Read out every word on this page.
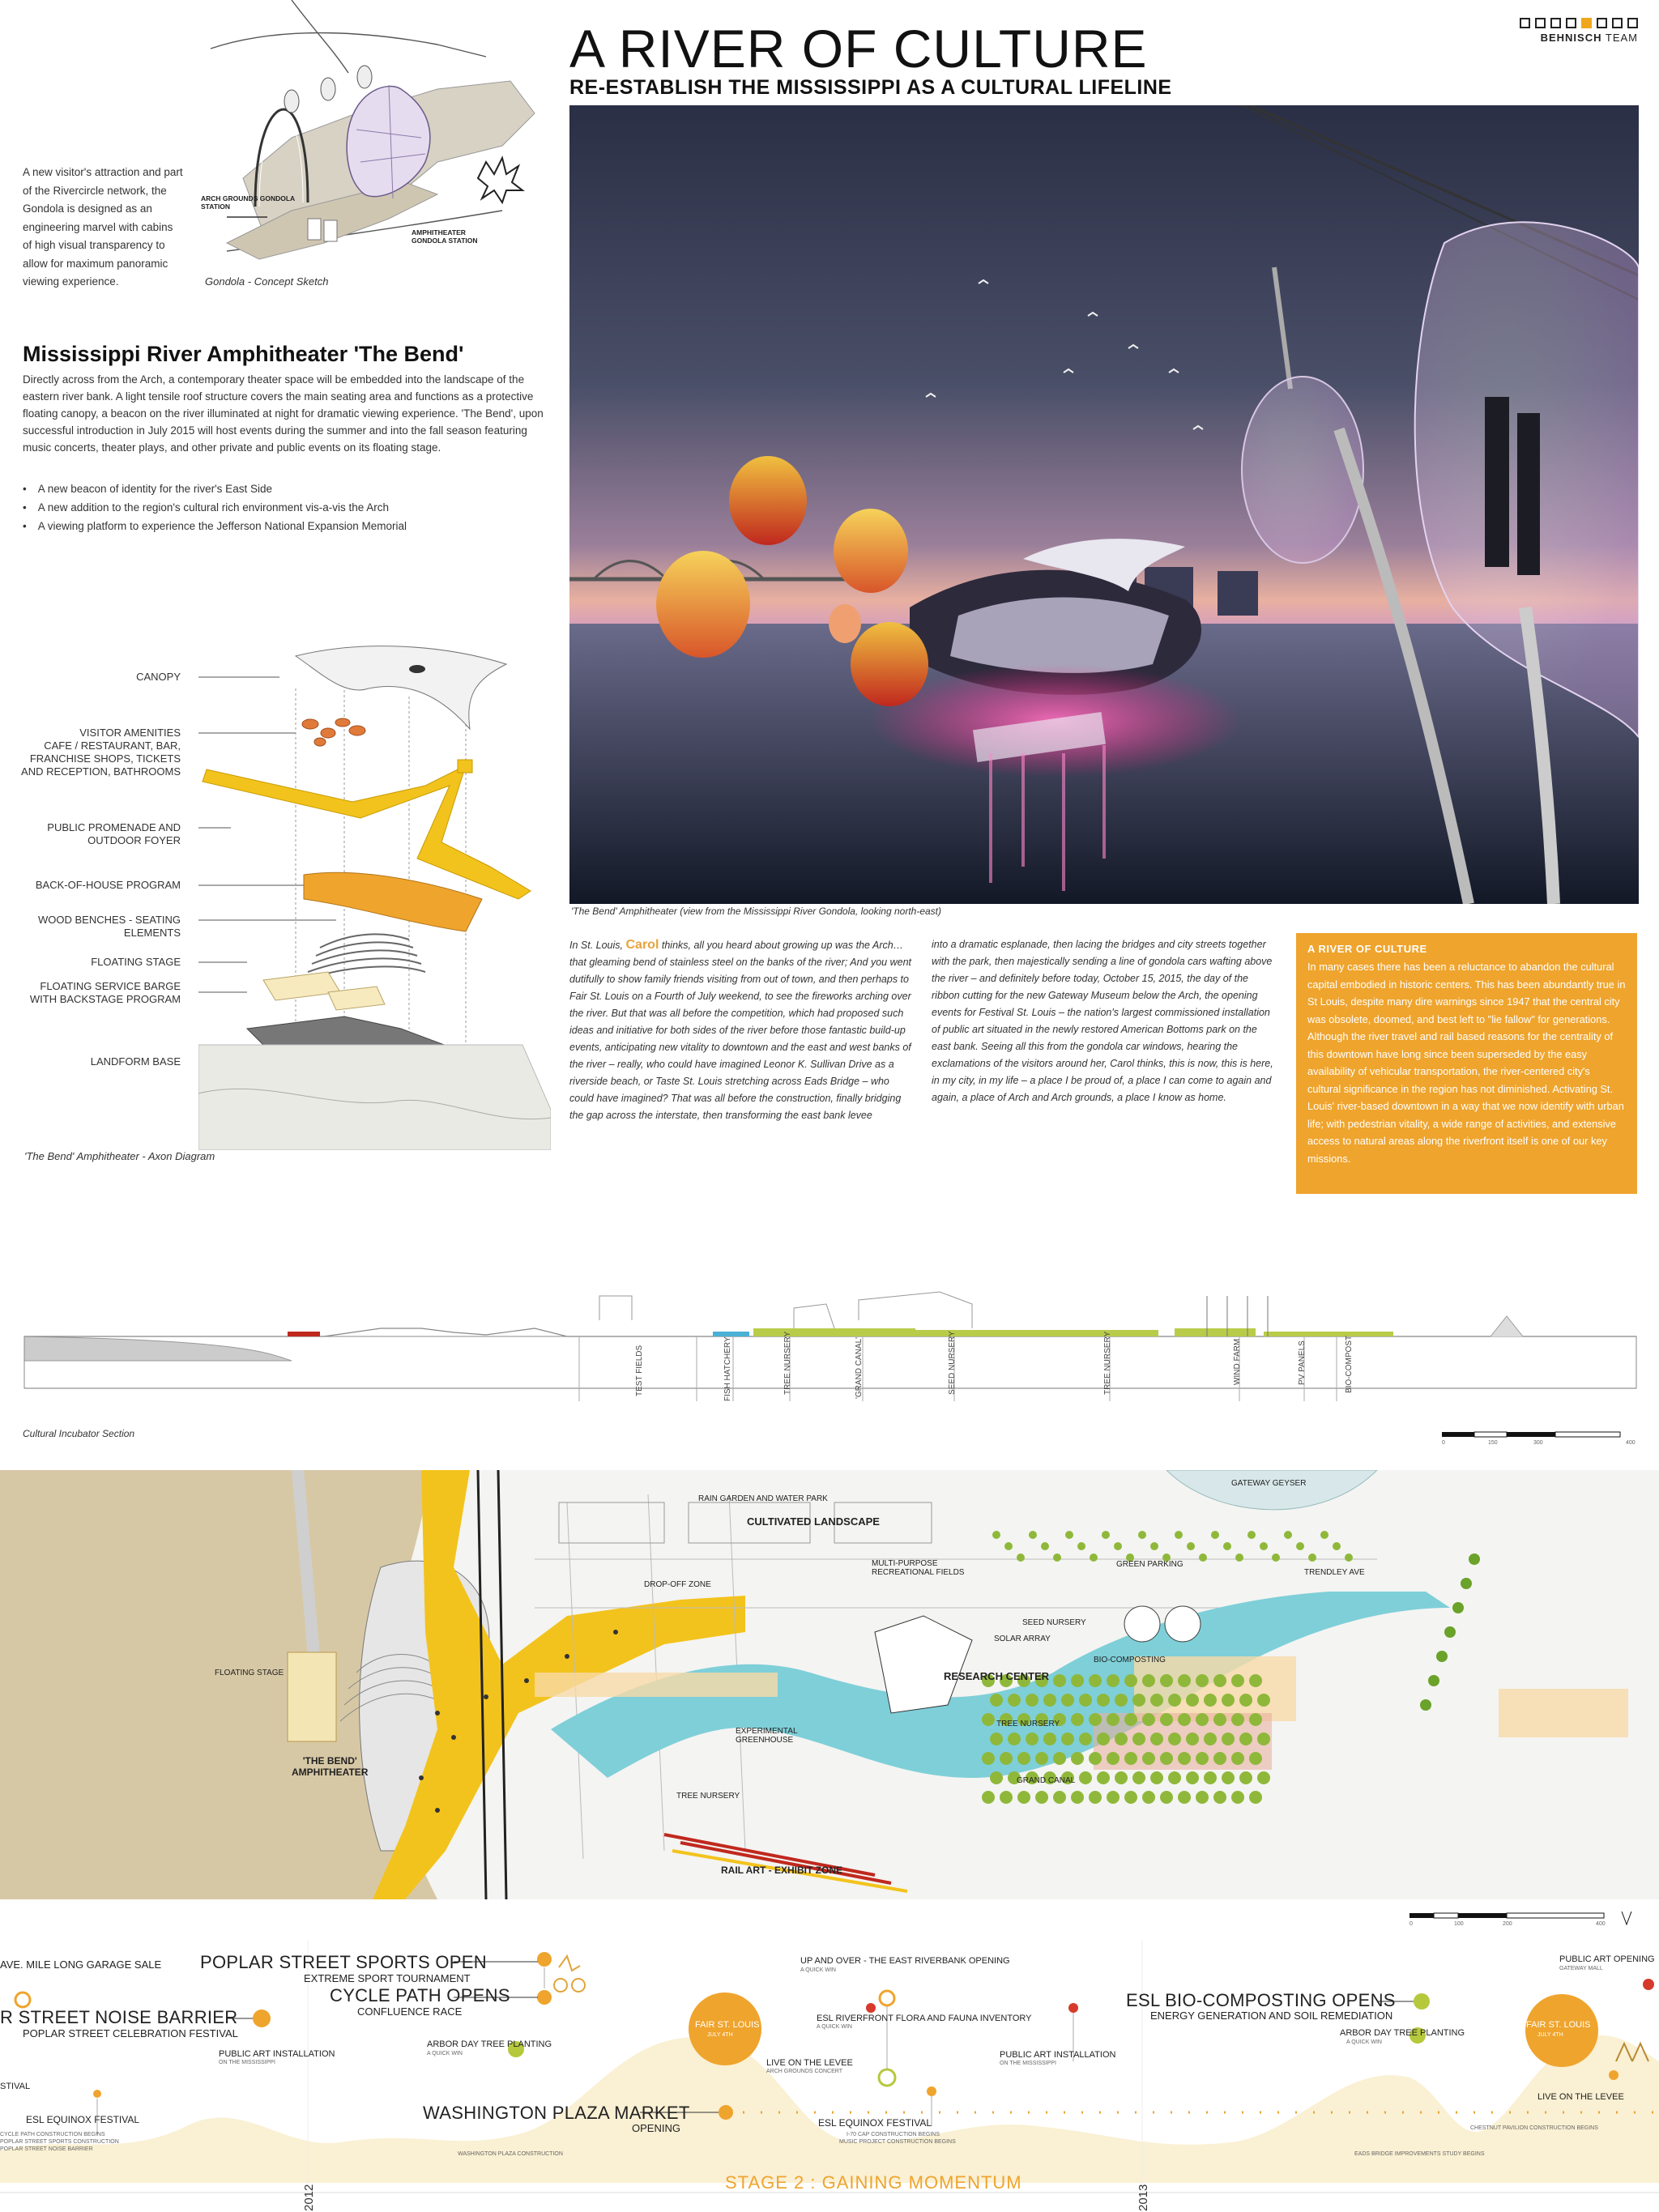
A RIVER OF CULTURE
RE-ESTABLISH THE MISSISSIPPI AS A CULTURAL LIFELINE
BEHNISCH TEAM
ARCH GROUNDS GONDOLA STATION
AMPHITHEATER GONDOLA STATION
A new visitor's attraction and part of the Rivercircle network, the Gondola is designed as an engineering marvel with cabins of high visual transparency to allow for maximum panoramic viewing experience.	Gondola - Concept Sketch
Mississippi River Amphitheater 'The Bend'
Directly across from the Arch, a contemporary theater space will be embedded into the landscape of the eastern river bank. A light tensile roof structure covers the main seating area and functions as a protective floating canopy, a beacon on the river illuminated at night for dramatic viewing experience. 'The Bend', upon successful introduction in July 2015 will host events during the summer and into the fall season featuring music concerts, theater plays, and other private and public events on its floating stage.
• A new beacon of identity for the river's East Side
• A new addition to the region's cultural rich environment vis-a-vis the Arch
• A viewing platform to experience the Jefferson National Expansion Memorial
CANOPY
VISITOR AMENITIES
CAFE / RESTAURANT, BAR,
FRANCHISE SHOPS, TICKETS
AND RECEPTION, BATHROOMS
PUBLIC PROMENADE AND
OUTDOOR FOYER
BACK-OF-HOUSE PROGRAM
WOOD BENCHES - SEATING
ELEMENTS
FLOATING STAGE
FLOATING SERVICE BARGE
WITH BACKSTAGE PROGRAM
LANDFORM BASE
'The Bend' Amphitheater - Axon Diagram
'The Bend' Amphitheater (view from the Mississippi River Gondola, looking north-east)
In St. Louis, Carol thinks, all you heard about growing up was the Arch… that gleaming bend of stainless steel on the banks of the river; And you went dutifully to show family friends visiting from out of town, and then perhaps to Fair St. Louis on a Fourth of July weekend, to see the fireworks arching over the river. But that was all before the competition, which had proposed such ideas and initiative for both sides of the river before those fantastic build-up events, anticipating new vitality to downtown and the east and west banks of the river – really, who could have imagined Leonor K. Sullivan Drive as a riverside beach, or Taste St. Louis stretching across Eads Bridge – who could have imagined? That was all before the construction, finally bridging the gap across the interstate, then transforming the east bank levee
into a dramatic esplanade, then lacing the bridges and city streets together with the park, then majestically sending a line of gondola cars wafting above the river – and definitely before today, October 15, 2015, the day of the ribbon cutting for the new Gateway Museum below the Arch, the opening events for Festival St. Louis – the nation's largest commissioned installation of public art situated in the newly restored American Bottoms park on the east bank. Seeing all this from the gondola car windows, hearing the exclamations of the visitors around her, Carol thinks, this is now, this is here, in my city, in my life – a place I be proud of, a place I can come to again and again, a place of Arch and Arch grounds, a place I know as home.
A RIVER OF CULTURE
In many cases there has been a reluctance to abandon the cultural capital embodied in historic centers. This has been abundantly true in St Louis, despite many dire warnings since 1947 that the central city was obsolete, doomed, and best left to "lie fallow" for generations. Although the river travel and rail based reasons for the centrality of this downtown have long since been superseded by the easy availability of vehicular transportation, the river-centered city's cultural significance in the region has not diminished. Activating St. Louis' river-based downtown in a way that we now identify with urban life; with pedestrian vitality, a wide range of activities, and extensive access to natural areas along the riverfront itself is one of our key missions.
TEST FIELDS	FISH HATCHERY	TREE NURSERY	'GRAND CANAL'	SEED NURSERY	TREE NURSERY	WIND FARM	PV PANELS	BIO-COMPOST
Cultural Incubator Section
0	150	300	400
GATEWAY GEYSER
RAIN GARDEN AND WATER PARK
CULTIVATED LANDSCAPE
MULTI-PURPOSE
RECREATIONAL FIELDS
GREEN PARKING
TRENDLEY AVE
DROP-OFF ZONE
SEED NURSERY
SOLAR ARRAY
BIO-COMPOSTING
RESEARCH CENTER
FLOATING STAGE
EXPERIMENTAL
GREENHOUSE
TREE NURSERY
TREE NURSERY
GRAND CANAL
'THE BEND'
AMPHITHEATER
RAIL ART - EXHIBIT ZONE
0	100	200	400
AVE. MILE LONG GARAGE SALE POPLAR STREET SPORTS OPEN
EXTREME SPORT TOURNAMENT
CYCLE PATH OPENS
CONFLUENCE RACE
R STREET NOISE BARRIER
POPLAR STREET CELEBRATION FESTIVAL
PUBLIC ART INSTALLATION
ON THE MISSISSIPPI
ARBOR DAY TREE PLANTING
A QUICK WIN
STIVAL
ESL EQUINOX FESTIVAL
CYCLE PATH CONSTRUCTION BEGINS
POPLAR STREET SPORTS CONSTRUCTION
POPLAR STREET NOISE BARRIER
WASHINGTON PLAZA CONSTRUCTION
WASHINGTON PLAZA MARKET
OPENING
FAIR ST. LOUIS
JULY 4TH
UP AND OVER - THE EAST RIVERBANK OPENING
A QUICK WIN
ESL RIVERFRONT FLORA AND FAUNA INVENTORY
A QUICK WIN
LIVE ON THE LEVEE
ARCH GROUNDS CONCERT
PUBLIC ART INSTALLATION
ON THE MISSISSIPPI
ESL EQUINOX FESTIVAL
I-70 CAP CONSTRUCTION BEGINS
MUSIC PROJECT CONSTRUCTION BEGINS
ESL BIO-COMPOSTING OPENS
ENERGY GENERATION AND SOIL REMEDIATION
ARBOR DAY TREE PLANTING
A QUICK WIN
PUBLIC ART OPENING
GATEWAY MALL
FAIR ST. LOUIS
JULY 4TH
LIVE ON THE LEVEE
CHESTNUT PAVILION CONSTRUCTION BEGINS
EADS BRIDGE IMPROVEMENTS STUDY BEGINS
2012	2013
STAGE 2 : GAINING MOMENTUM
